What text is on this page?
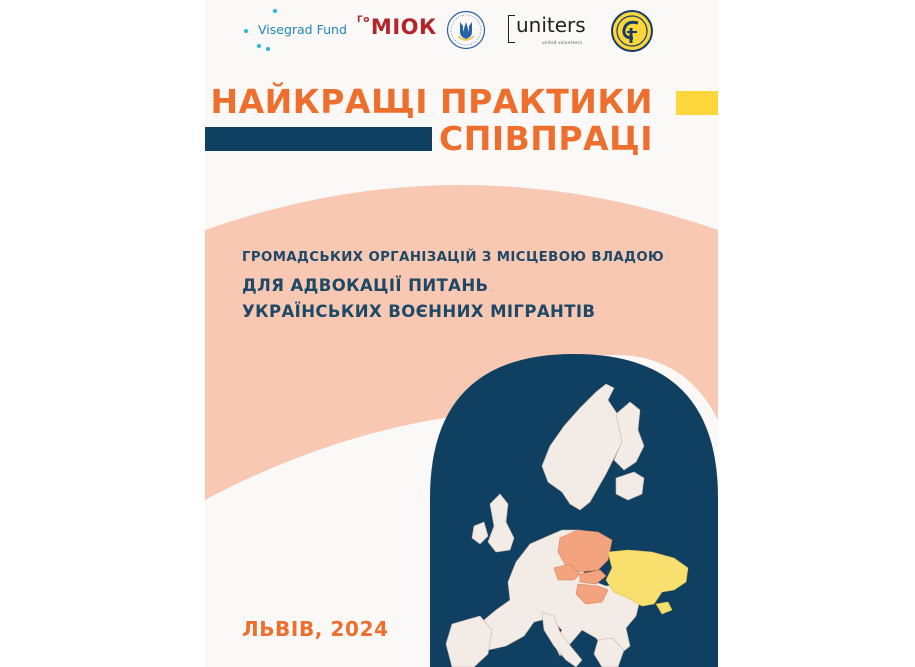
Visegrad Fund
$^{Го}$МІОК	uniters
united volunteers
НАЙКРАЩІ ПРАКТИКИ
СПІВПРАЦІ
ГРОМАДСЬКИХ ОРГАНІЗАЦІЙ З МІСЦЕВОЮ ВЛАДОЮ
ДЛЯ АДВОКАЦІЇ ПИТАНЬ
УКРАЇНСЬКИХ ВОЄННИХ МІГРАНТІВ
ЛЬВІВ, 2024
